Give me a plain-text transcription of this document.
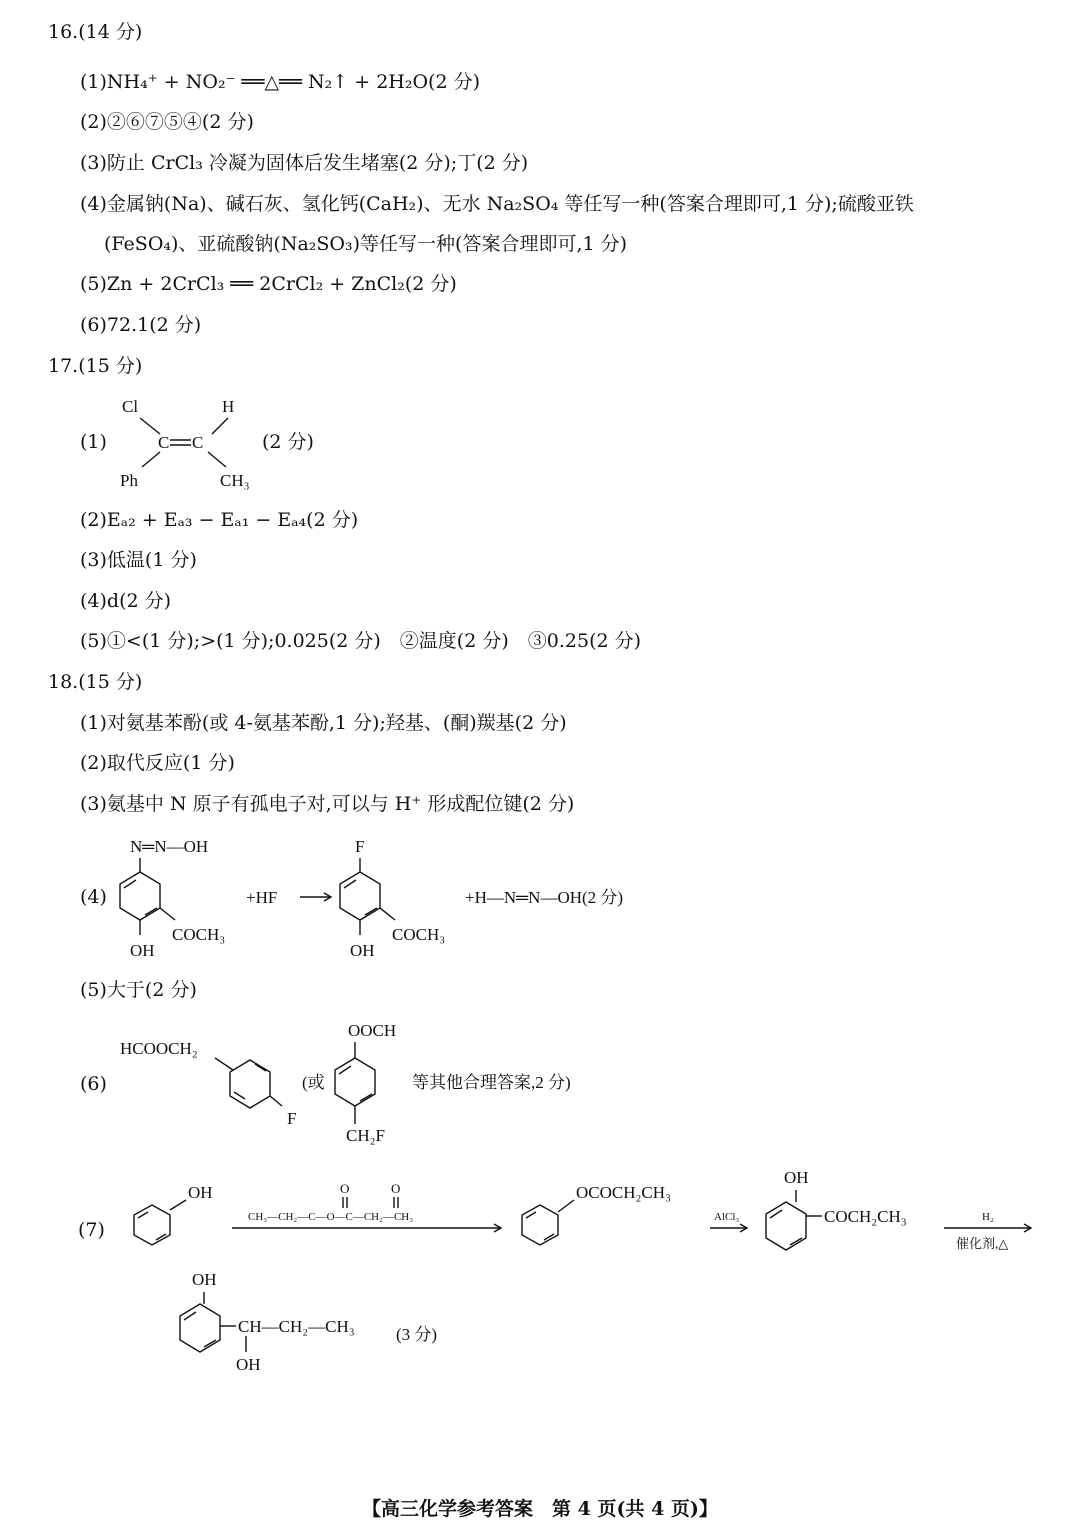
16.(14 分)
(1)NH₄⁺ + NO₂⁻ ══△══ N₂↑ + 2H₂O(2 分)
(2)②⑥⑦⑤④(2 分)
(3)防止 CrCl₃ 冷凝为固体后发生堵塞(2 分);丁(2 分)
(4)金属钠(Na)、碱石灰、氢化钙(CaH₂)、无水 Na₂SO₄ 等任写一种(答案合理即可,1 分);硫酸亚铁
(FeSO₄)、亚硫酸钠(Na₂SO₃)等任写一种(答案合理即可,1 分)
(5)Zn + 2CrCl₃ ══ 2CrCl₂ + ZnCl₂(2 分)
(6)72.1(2 分)
17.(15 分)
(1)	(2 分)
(2)Eₐ₂ + Eₐ₃ − Eₐ₁ − Eₐ₄(2 分)
(3)低温(1 分)
(4)d(2 分)
(5)①<(1 分);>(1 分);0.025(2 分)　②温度(2 分)　③0.25(2 分)
18.(15 分)
(1)对氨基苯酚(或 4-氨基苯酚,1 分);羟基、(酮)羰基(2 分)
(2)取代反应(1 分)
(3)氨基中 N 原子有孤电子对,可以与 H⁺ 形成配位键(2 分)
(4)
(5)大于(2 分)
(6)
(7)
Cl	H
C C
Ph	CH₃
N═N—OH
OH
COCH₃
+HF
F
OH
COCH₃
+H—N═N—OH(2 分)
HCOOCH₂
F
(或
OOCH
CH₂F
等其他合理答案,2 分)
OH	O	O
CH₃—CH₂—C—O—C—CH₂—CH₃
OCOCH₂CH₃
AlCl₃
OH
COCH₂CH₃	H₂
催化剂,△
OH
CH—CH₂—CH₃
OH
(3 分)
【高三化学参考答案　第 4 页(共 4 页)】
